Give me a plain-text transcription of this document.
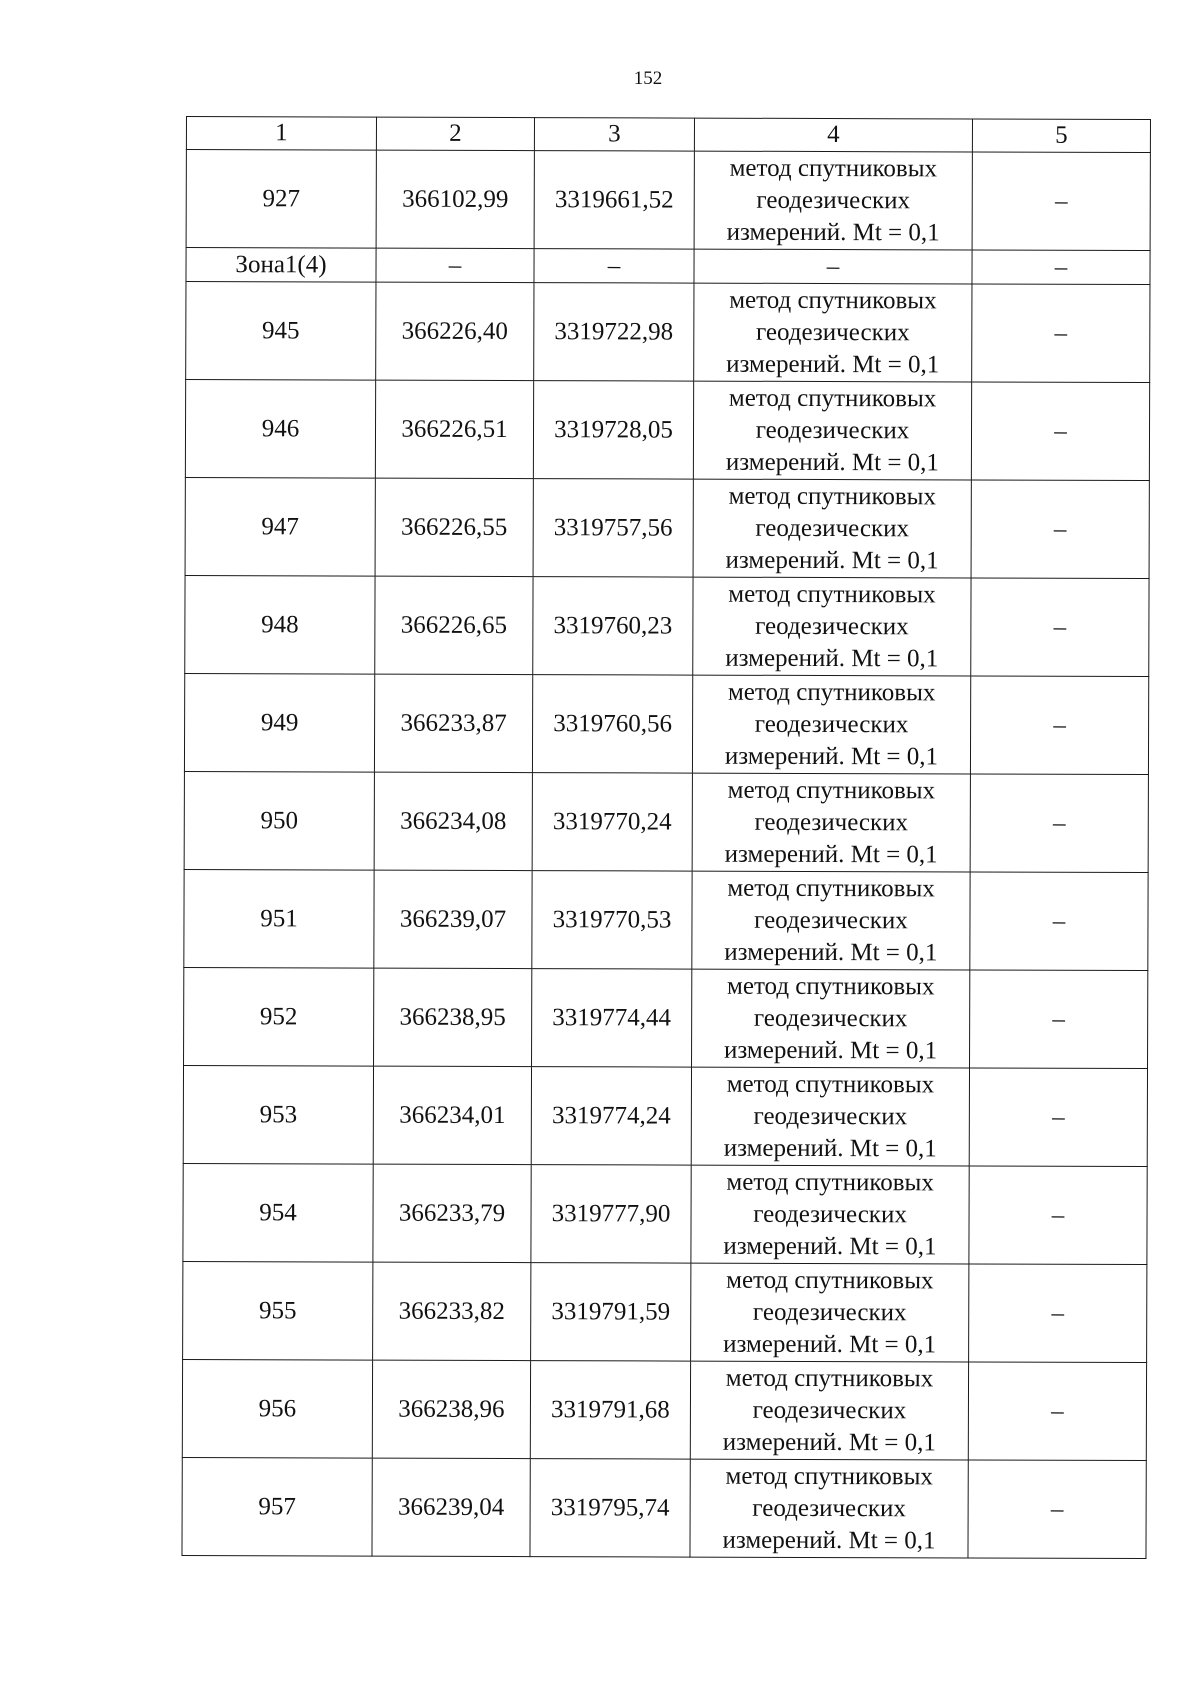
152
1	2	3	4	5
927	366102,99	3319661,52	метод спутниковых
геодезических
измерений. Mt = 0,1	–
Зона1(4)	–	–	–	–
945	366226,40	3319722,98	метод спутниковых
геодезических
измерений. Mt = 0,1	–
946	366226,51	3319728,05	метод спутниковых
геодезических
измерений. Mt = 0,1	–
947	366226,55	3319757,56	метод спутниковых
геодезических
измерений. Mt = 0,1	–
948	366226,65	3319760,23	метод спутниковых
геодезических
измерений. Mt = 0,1	–
949	366233,87	3319760,56	метод спутниковых
геодезических
измерений. Mt = 0,1	–
950	366234,08	3319770,24	метод спутниковых
геодезических
измерений. Mt = 0,1	–
951	366239,07	3319770,53	метод спутниковых
геодезических
измерений. Mt = 0,1	–
952	366238,95	3319774,44	метод спутниковых
геодезических
измерений. Mt = 0,1	–
953	366234,01	3319774,24	метод спутниковых
геодезических
измерений. Mt = 0,1	–
954	366233,79	3319777,90	метод спутниковых
геодезических
измерений. Mt = 0,1	–
955	366233,82	3319791,59	метод спутниковых
геодезических
измерений. Mt = 0,1	–
956	366238,96	3319791,68	метод спутниковых
геодезических
измерений. Mt = 0,1	–
957	366239,04	3319795,74	метод спутниковых
геодезических
измерений. Mt = 0,1	–
